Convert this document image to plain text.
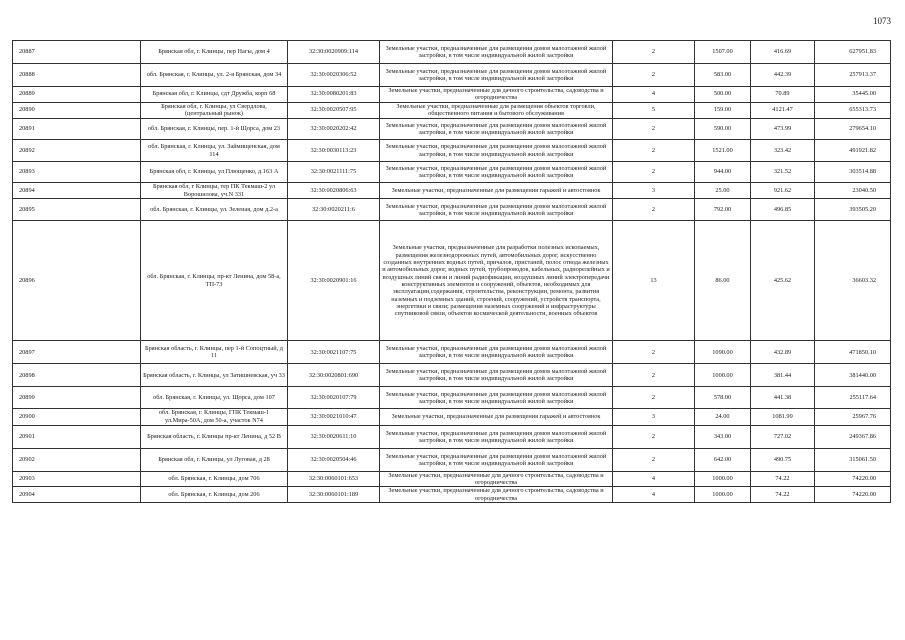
1073
20887	Брянская обл, г. Клинцы, пер Нагы, дом 4	32:30:0020909:114	Земельные участки, предназначенные для размещения домов малоэтажной жилой застройки, в том числе индивидуальной жилой застройки	2	1507.00	416.69	627951.83
20888	обл. Брянская, г. Клинцы, ул. 2-я Брянская, дом 34	32:30:0020306:52	Земельные участки, предназначенные для размещения домов малоэтажной жилой застройки, в том числе индивидуальной жилой застройки	2	583.00	442.39	257913.37
20889	Брянская обл, г. Клинцы, сдт Дружба, корп 68	32:30:0080201:83	Земельные участки, предназначенные для дачного строительства, садоводства и огородничества	4	500.00	70.89	35445.00
20890	Брянская обл, г. Клинцы, ул Свердлова, (центральный рынок)	32:30:0020507:95	Земельные участки, предназначенные для размещения объектов торговли, общественного питания и бытового обслуживания	5	159.00	4121.47	655313.73
20891	обл. Брянская, г. Клинцы, пер. 1-й Щорса, дом 23	32:30:0020202:42	Земельные участки, предназначенные для размещения домов малоэтажной жилой застройки, в том числе индивидуальной жилой застройки	2	590.00	473.99	279654.10
20892	обл. Брянская, г. Клинцы, ул. Займищенская, дом 114	32:30:0030113:23	Земельные участки, предназначенные для размещения домов малоэтажной жилой застройки, в том числе индивидуальной жилой застройки	2	1521.00	323.42	491921.82
20893	Брянская обл, г. Клинцы, ул Плющенко, д.163 А	32:30:0021111:75	Земельные участки, предназначенные для размещения домов малоэтажной жилой застройки, в том числе индивидуальной жилой застройки	2	944.00	321.52	303514.88
20894	Брянская обл, г Клинцы, тер ПК Текмаш-2 ул Ворошилова, уч.N 331	32:30:0020806:63	Земельные участки, предназначенные для размещения гаражей и автостоянок	3	25.00	921.62	23040.50
20895	обл. Брянская, г. Клинцы, ул. Зеленая, дом д.2-а	32:30:0020211:6	Земельные участки, предназначенные для размещения домов малоэтажной жилой застройки, в том числе индивидуальной жилой застройки	2	792.00	496.85	393505.20
20896	обл. Брянская, г. Клинцы, пр-кт Ленина, дом 58-а, ТП-73	32:30:0020901:16	Земельные участки, предназначенные для разработки полезных ископаемых, размещения железнодорожных путей, автомобильных дорог, искусственно созданных внутренних водных путей, причалов, пристаней, полос отвода железных и автомобильных дорог, водных путей, трубопроводов, кабельных, радиорелейных и воздушных линий связи и линий радиофикации, воздушных линий электропередачи конструктивных элементов и сооружений, объектов, необходимых для эксплуатации,содержания, строительства, реконструкции, ремонта, развития наземных и подземных зданий, строений, сооружений, устройств транспорта, энергетики и связи; размещения наземных сооружений и инфраструктуры спутниковой связи, объектов космической деятельности, военных объектов	13	86.00	425.62	36603.32
20897	Брянская область, г. Клинцы, пер 1-й Сопоцтный, д 11	32:30:0021107:75	Земельные участки, предназначенные для размещения домов малоэтажной жилой застройки, в том числе индивидуальной жилой застройки	2	1090.00	432.89	471850.10
20898	Брянская область, г. Клинцы, ул Затишневская, уч 33	32:30:0020801:690	Земельные участки, предназначенные для размещения домов малоэтажной жилой застройки, в том числе индивидуальной жилой застройки	2	1000.00	381.44	381440.00
20899	обл. Брянская, г. Клинцы, ул. Щорса, дом 107	32:30:0020107:79	Земельные участки, предназначенные для размещения домов малоэтажной жилой застройки, в том числе индивидуальной жилой застройки	2	578.00	441.38	255117.64
20900	обл. Брянская, г. Клинцы, ГПК Текмаш-1 ул.Мира-50А, дом 50-а, участок N74	32:30:0021010:47	Земельные участки, предназначенные для размещения гаражей и автостоянок	3	24.00	1081.99	25967.76
20901	Брянская область, г. Клинцы пр-кт Ленина, д 52 В	32:30:0020611:10	Земельные участки, предназначенные для размещения домов малоэтажной жилой застройки, в том числе индивидуальной жилой застройки	2	343.00	727.02	249367.86
20902	Брянская обл, г. Клинцы, ул Луговая, д 28	32:30:0020504:46	Земельные участки, предназначенные для размещения домов малоэтажной жилой застройки, в том числе индивидуальной жилой застройки	2	642.00	490.75	315061.50
20903	обл. Брянская, г. Клинцы, дом 706	32:30:0060101:653	Земельные участки, предназначенные для дачного строительства, садоводства и огородничества	4	1000.00	74.22	74220.00
20904	обл. Брянская, г. Клинцы, дом 206	32:30:0060101:189	Земельные участки, предназначенные для дачного строительства, садоводства и огородничества	4	1000.00	74.22	74220.00
